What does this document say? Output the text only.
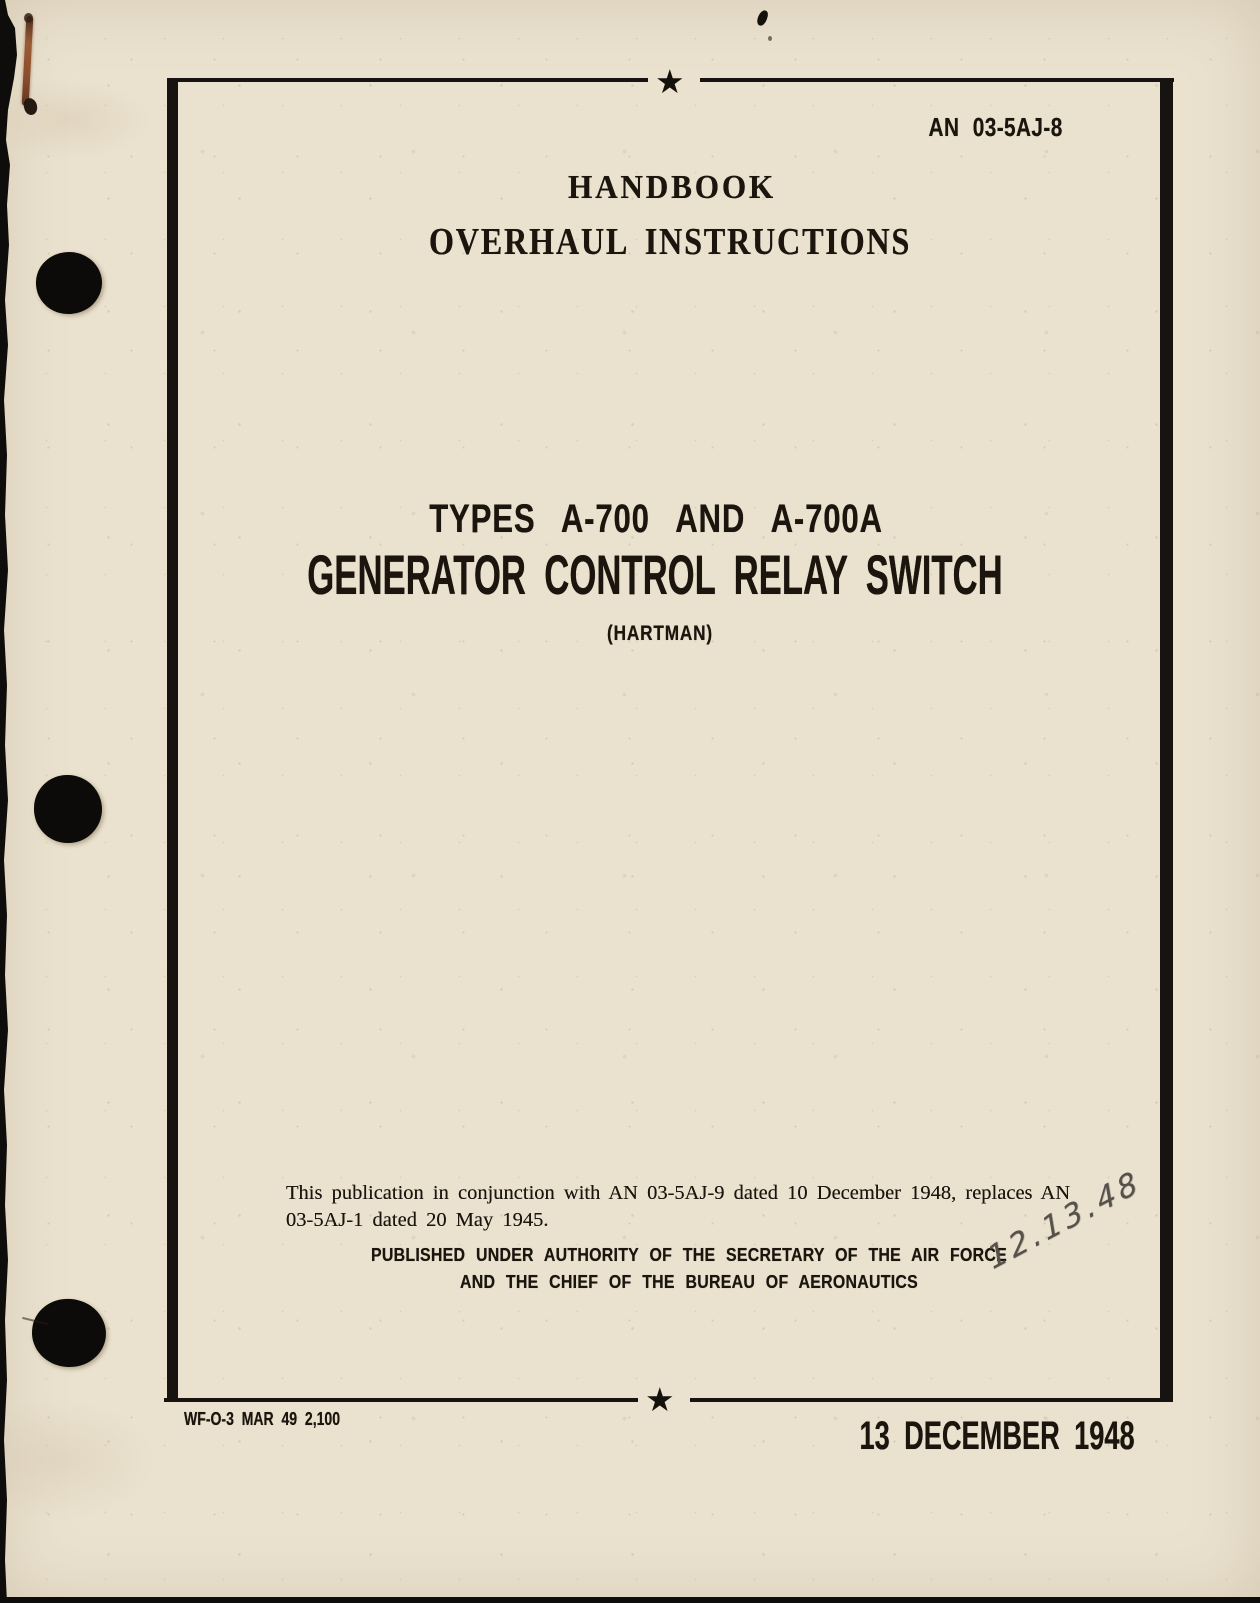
★
★
AN 03-5AJ-8
HANDBOOK
OVERHAUL INSTRUCTIONS
TYPES A-700 AND A-700A
GENERATOR CONTROL RELAY SWITCH
(HARTMAN)
This publication in conjunction with AN 03-5AJ-9 dated 10 December 1948, replaces AN 03-5AJ-1 dated 20 May 1945.
PUBLISHED UNDER AUTHORITY OF THE SECRETARY OF THE AIR FORCE
AND THE CHIEF OF THE BUREAU OF AERONAUTICS
12.13.48
WF-O-3 MAR 49 2,100	13 DECEMBER 1948
